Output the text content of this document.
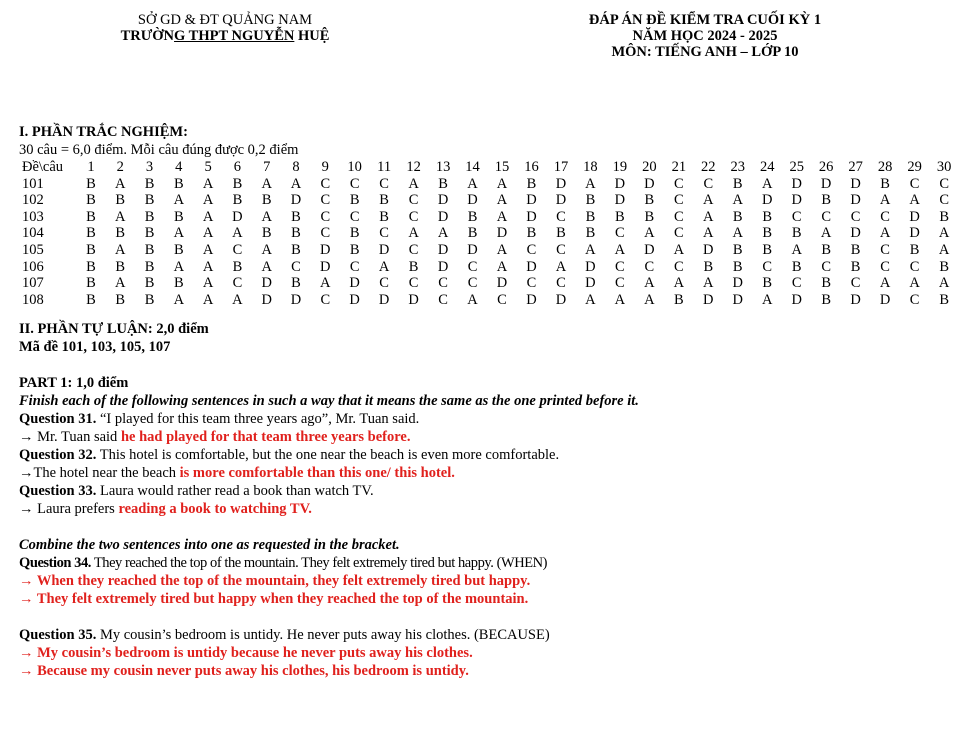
SỞ GD & ĐT QUẢNG NAM
TRƯỜNG THPT NGUYỄN HUỆ
ĐÁP ÁN ĐỀ KIỂM TRA CUỐI KỲ 1
NĂM HỌC 2024 - 2025
MÔN: TIẾNG ANH – LỚP 10
I. PHẦN TRẮC NGHIỆM:
30 câu = 6,0 điểm. Mỗi câu đúng được 0,2 điểm
Đề\câu	1	2	3	4	5	6	7	8	9	10	11	12	13	14	15	16	17	18	19	20	21	22	23	24	25	26	27	28	29	30
101	B	A	B	B	A	B	A	A	C	C	C	A	B	A	A	B	D	A	D	D	C	C	B	A	D	D	D	B	C	C
102	B	B	B	A	A	B	B	D	C	B	B	C	D	D	A	D	D	B	D	B	C	A	A	D	D	B	D	A	A	C
103	B	A	B	B	A	D	A	B	C	C	B	C	D	B	A	D	C	B	B	B	C	A	B	B	C	C	C	C	D	B
104	B	B	B	A	A	A	B	B	C	B	C	A	A	B	D	B	B	B	C	A	C	A	A	B	B	A	D	A	D	A
105	B	A	B	B	A	C	A	B	D	B	D	C	D	D	A	C	C	A	A	D	A	D	B	B	A	B	B	C	B	A
106	B	B	B	A	A	B	A	C	D	C	A	B	D	C	A	D	A	D	C	C	C	B	B	C	B	C	B	C	C	B
107	B	A	B	B	A	C	D	B	A	D	C	C	C	C	D	C	C	D	C	A	A	A	D	B	C	B	C	A	A	A
108	B	B	B	A	A	A	D	D	C	D	D	D	C	A	C	D	D	A	A	A	B	D	D	A	D	B	D	D	C	B
II. PHẦN TỰ LUẬN: 2,0 điểm
Mã đề 101, 103, 105, 107
PART 1: 1,0 điểm
Finish each of the following sentences in such a way that it means the same as the one printed before it.
Question 31. “I played for this team three years ago”, Mr. Tuan said.
→ Mr. Tuan said he had played for that team three years before.
Question 32. This hotel is comfortable, but the one near the beach is even more comfortable.
→The hotel near the beach is more comfortable than this one/ this hotel.
Question 33. Laura would rather read a book than watch TV.
→ Laura prefers reading a book to watching TV.
Combine the two sentences into one as requested in the bracket.
Question 34. They reached the top of the mountain. They felt extremely tired but happy. (WHEN)
→ When they reached the top of the mountain, they felt extremely tired but happy.
→ They felt extremely tired but happy when they reached the top of the mountain.
Question 35. My cousin’s bedroom is untidy. He never puts away his clothes. (BECAUSE)
→ My cousin’s bedroom is untidy because he never puts away his clothes.
→ Because my cousin never puts away his clothes, his bedroom is untidy.
